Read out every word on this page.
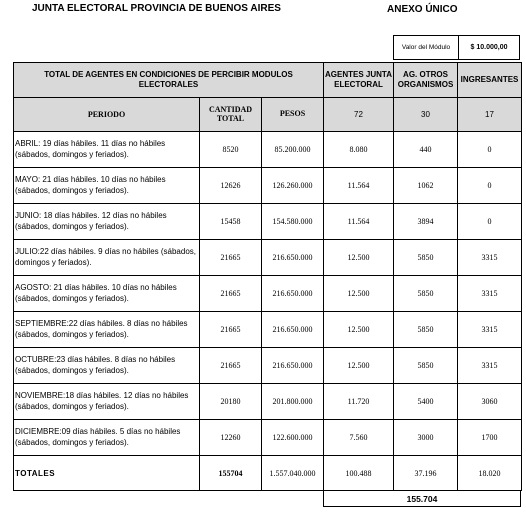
JUNTA ELECTORAL PROVINCIA DE BUENOS AIRES	ANEXO ÚNICO
Valor del Módulo	$ 10.000,00
TOTAL DE AGENTES EN CONDICIONES DE PERCIBIR MODULOS ELECTORALES			AGENTES JUNTA ELECTORAL	AG. OTROS ORGANISMOS	INGRESANTES
PERIODO	CANTIDAD TOTAL	PESOS	72	30	17
ABRIL: 19 días hábiles. 11 días no hábiles (sábados, domingos y feriados).	8520	85.200.000	8.080	440	0
MAYO: 21 días hábiles. 10 días no hábiles (sábados, domingos y feriados).	12626	126.260.000	11.564	1062	0
JUNIO: 18 días hábiles. 12 días no hábiles (sábados, domingos y feriados).	15458	154.580.000	11.564	3894	0
JULIO:22 días hábiles. 9 días no hábiles (sábados, domingos y feriados).	21665	216.650.000	12.500	5850	3315
AGOSTO: 21 días hábiles. 10 días no hábiles (sábados, domingos y feriados).	21665	216.650.000	12.500	5850	3315
SEPTIEMBRE:22 días hábiles. 8 días no hábiles (sábados, domingos y feriados).	21665	216.650.000	12.500	5850	3315
OCTUBRE:23 días hábiles. 8 días no hábiles (sábados, domingos y feriados).	21665	216.650.000	12.500	5850	3315
NOVIEMBRE:18 días hábiles. 12 días no hábiles (sábados, domingos y feriados).	20180	201.800.000	11.720	5400	3060
DICIEMBRE:09 días hábiles. 5 días no hábiles (sábados, domingos y feriados).	12260	122.600.000	7.560	3000	1700
TOTALES	155704	1.557.040.000	100.488	37.196	18.020
155.704
